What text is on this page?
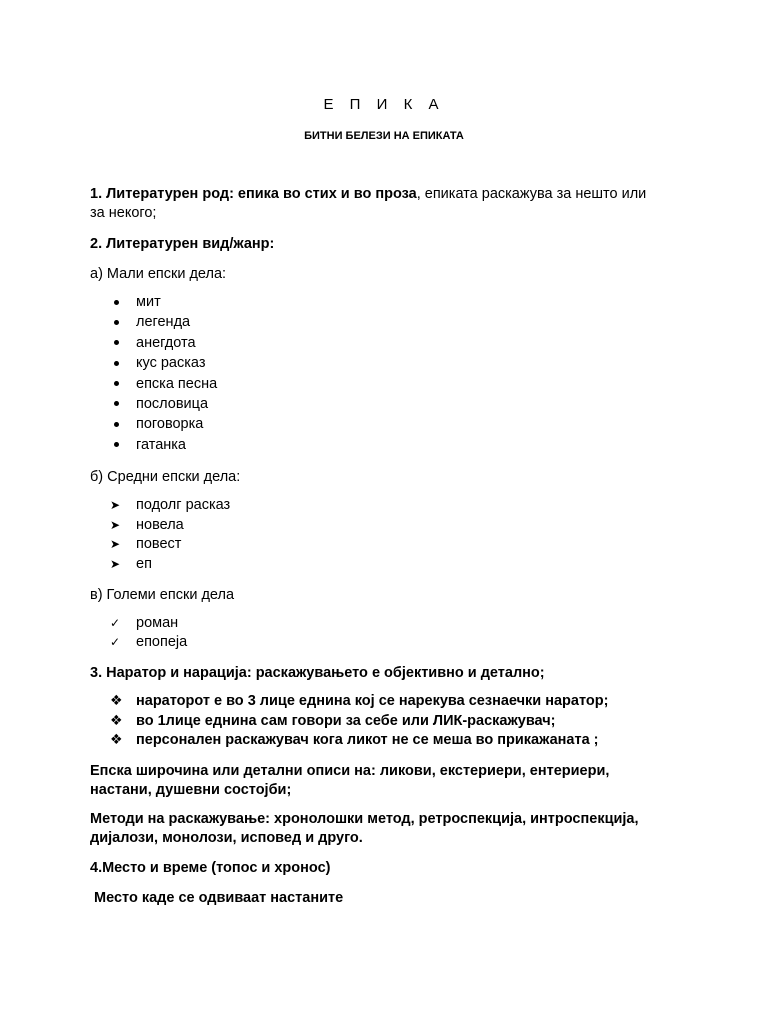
Е П И К А
БИТНИ БЕЛЕЗИ НА ЕПИКАТА
1. Литературен род: епика во стих и во проза, епиката раскажува за нешто или
за некого;
2. Литературен вид/жанр:
а) Мали епски дела:
мит
легенда
анегдота
кус расказ
епска песна
пословица
поговорка
гатанка
б) Средни епски дела:
➤	подолг расказ
➤	новела
➤	повест
➤	еп
в) Големи епски дела
✓	роман
✓	епопеја
3. Наратор и нарација: раскажувањето е објективно и детално;
❖ нараторот е во 3 лице еднина кој се нарекува сезнаечки наратор;
❖ во 1лице еднина сам говори за себе или ЛИК-раскажувач;
❖ персонален раскажувач кога ликот не се меша во прикажаната ;
Епска широчина или детални описи на: ликови, екстериери, ентериери,
настани, душевни состојби;
Методи на раскажување: хронолошки метод, ретроспекција, интроспекција,
дијалози, монолози, исповед и друго.
4.Место и време (топос и хронос)
Место каде се одвиваат настаните
